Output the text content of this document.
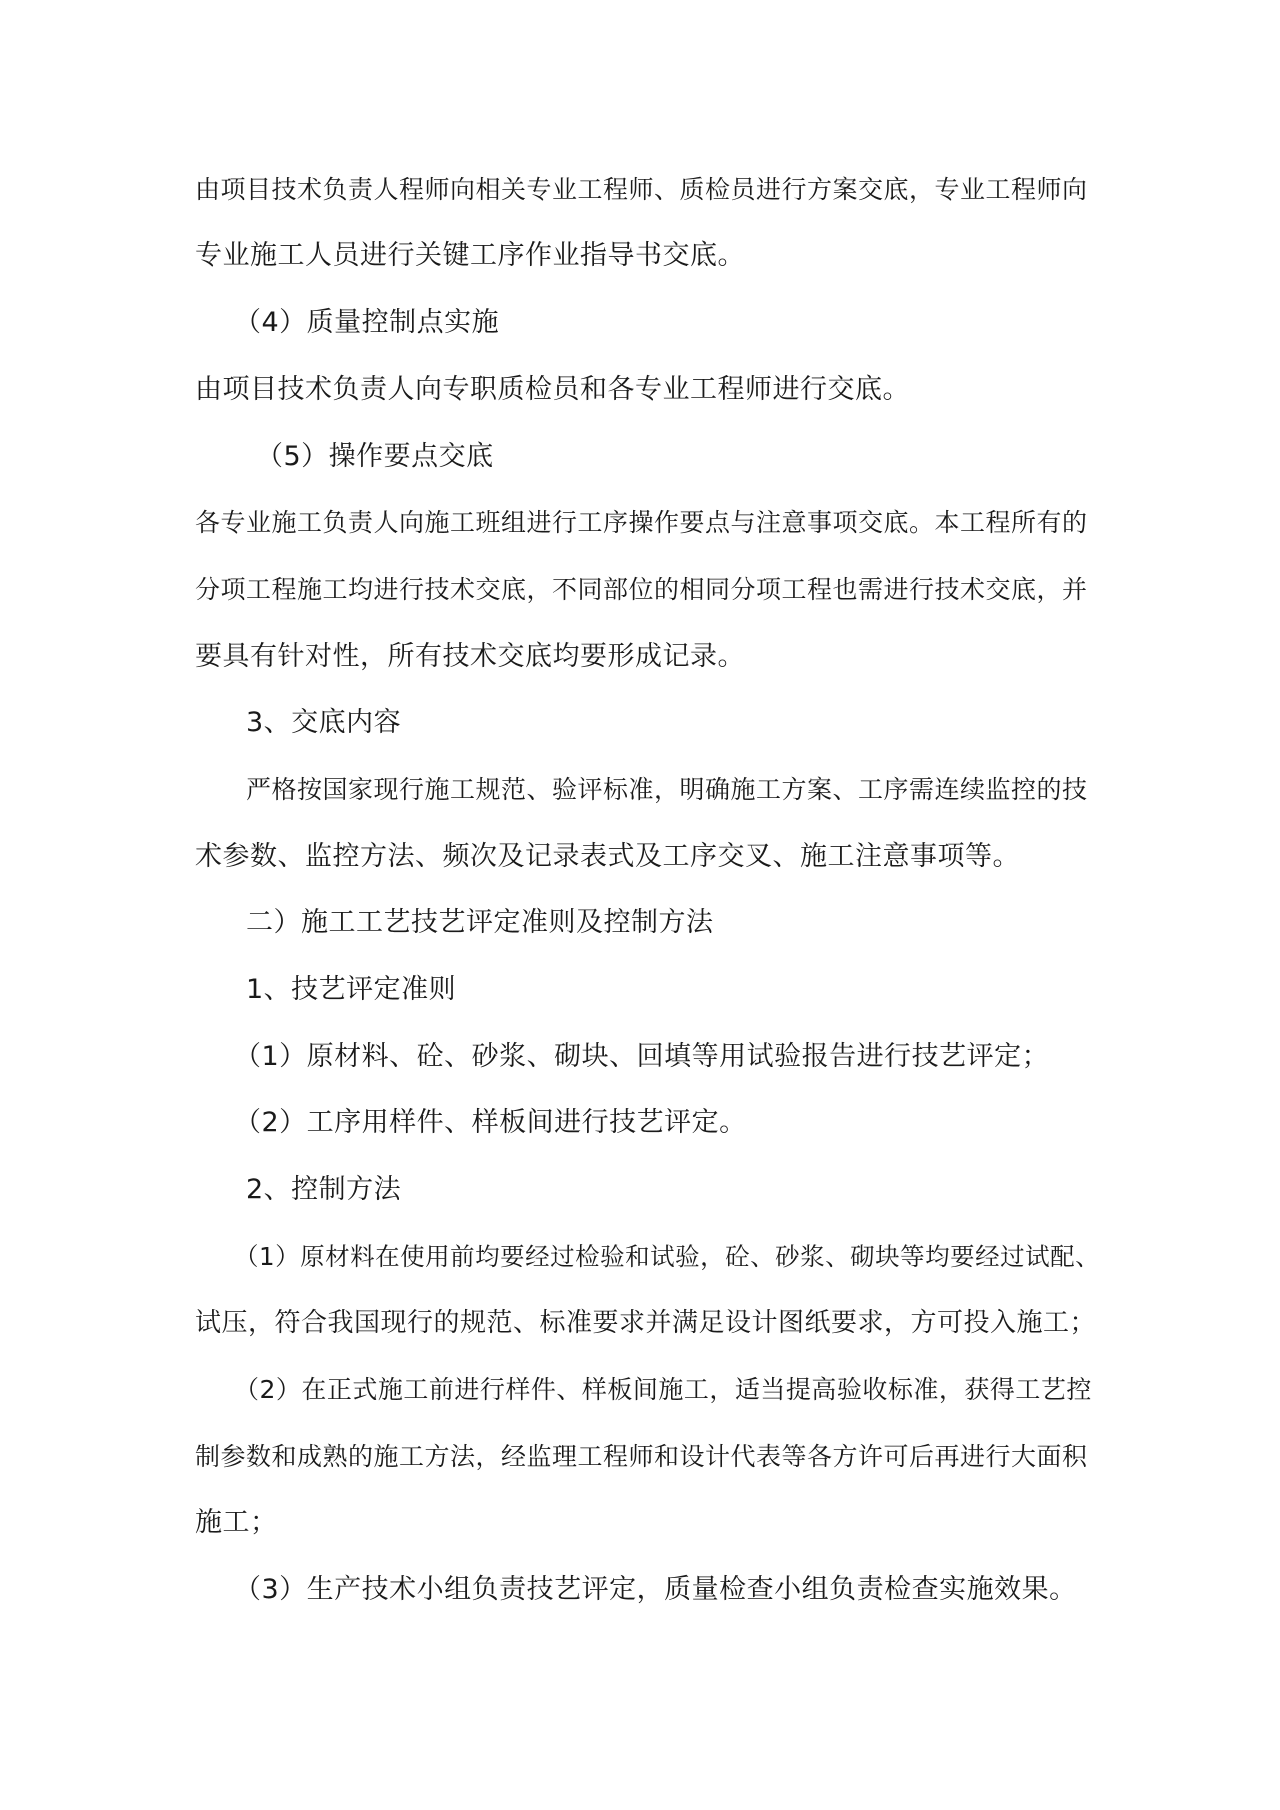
由项目技术负责人程师向相关专业工程师、质检员进行方案交底，专业工程师向
专业施工人员进行关键工序作业指导书交底。
（4）质量控制点实施
由项目技术负责人向专职质检员和各专业工程师进行交底。
（5）操作要点交底
各专业施工负责人向施工班组进行工序操作要点与注意事项交底。本工程所有的
分项工程施工均进行技术交底，不同部位的相同分项工程也需进行技术交底，并
要具有针对性，所有技术交底均要形成记录。
3、交底内容
严格按国家现行施工规范、验评标准，明确施工方案、工序需连续监控的技
术参数、监控方法、频次及记录表式及工序交叉、施工注意事项等。
二）施工工艺技艺评定准则及控制方法
1、技艺评定准则
（1）原材料、砼、砂浆、砌块、回填等用试验报告进行技艺评定；
（2）工序用样件、样板间进行技艺评定。
2、控制方法
（1）原材料在使用前均要经过检验和试验，砼、砂浆、砌块等均要经过试配、
试压，符合我国现行的规范、标准要求并满足设计图纸要求，方可投入施工；
（2）在正式施工前进行样件、样板间施工，适当提高验收标准，获得工艺控
制参数和成熟的施工方法，经监理工程师和设计代表等各方许可后再进行大面积
施工；
（3）生产技术小组负责技艺评定，质量检查小组负责检查实施效果。
